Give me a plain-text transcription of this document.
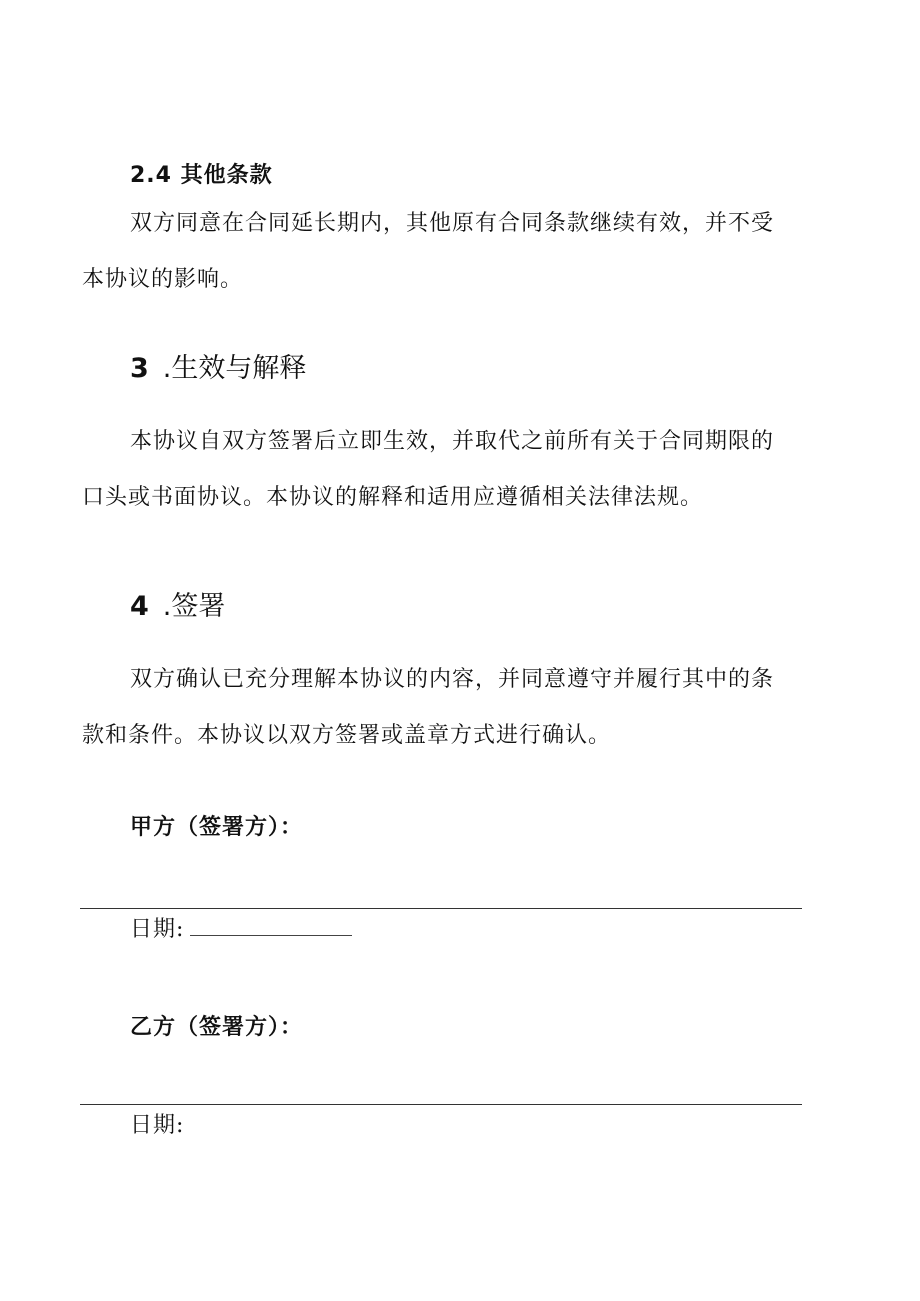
2.4 其他条款

双方同意在合同延长期内，其他原有合同条款继续有效，并不受本协议的影响。

3 .生效与解释

本协议自双方签署后立即生效，并取代之前所有关于合同期限的口头或书面协议。本协议的解释和适用应遵循相关法律法规。

4 .签署

双方确认已充分理解本协议的内容，并同意遵守并履行其中的条款和条件。本协议以双方签署或盖章方式进行确认。

甲方（签署方）：
日期:
乙方（签署方）：
日期:
